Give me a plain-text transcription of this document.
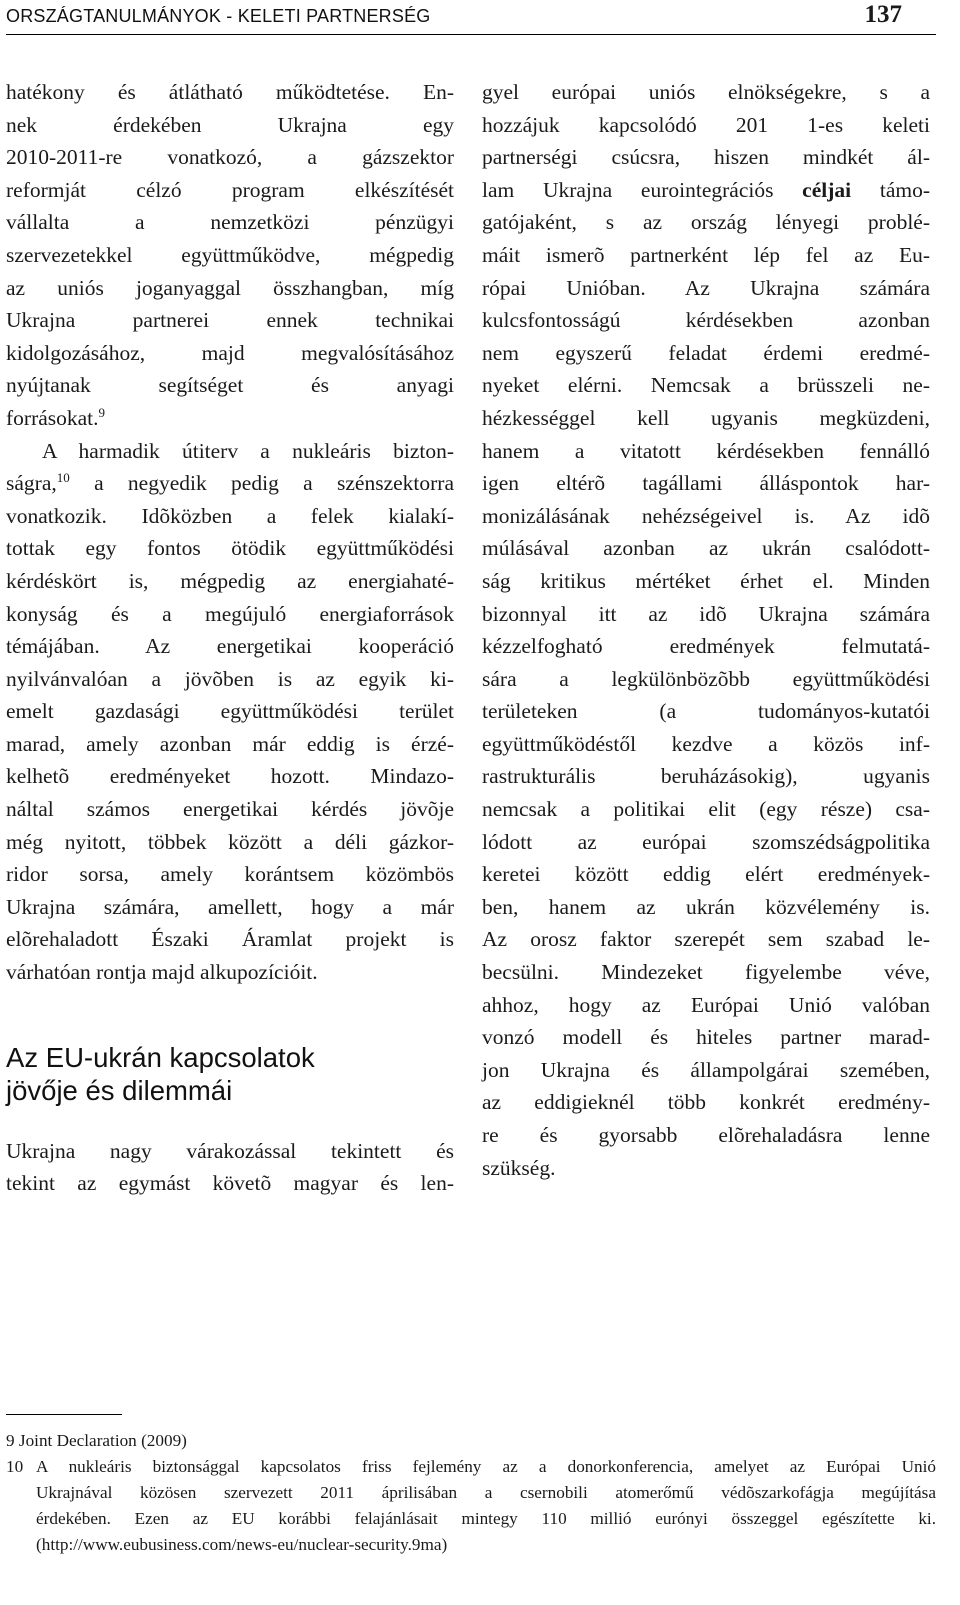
ORSZÁGTANULMÁNYOK - KELETI PARTNERSÉG	137

hatékony és átlátható működtetése. En-
nek érdekében Ukrajna egy
2010-2011-re vonatkozó, a gázszektor
reformját célzó program elkészítését
vállalta a nemzetközi pénzügyi
szervezetekkel együttműködve, mégpedig
az uniós joganyaggal összhangban, míg
Ukrajna partnerei ennek technikai
kidolgozásához, majd megvalósításához
nyújtanak segítséget és anyagi
forrásokat.$^9$

A harmadik útiterv a nukleáris bizton-
ságra,$^{10}$ a negyedik pedig a szénszektorra
vonatkozik. Idõközben a felek kialakí-
tottak egy fontos ötödik együttműködési
kérdéskört is, mégpedig az energiahaté-
konyság és a megújuló energiaforrások
témájában. Az energetikai kooperáció
nyilvánvalóan a jövõben is az egyik ki-
emelt gazdasági együttműködési terület
marad, amely azonban már eddig is érzé-
kelhetõ eredményeket hozott. Mindazo-
náltal számos energetikai kérdés jövõje
még nyitott, többek között a déli gázkor-
ridor sorsa, amely korántsem közömbös
Ukrajna számára, amellett, hogy a már
elõrehaladott Északi Áramlat projekt is
várhatóan rontja majd alkupozícióit.

Az EU-ukrán kapcsolatok
jövője és dilemmái

Ukrajna nagy várakozással tekintett és
tekint az egymást követõ magyar és len-

gyel európai uniós elnökségekre, s a
hozzájuk kapcsolódó 201 1-es keleti
partnerségi csúcsra, hiszen mindkét ál-
lam Ukrajna eurointegrációs céljai támo-
gatójaként, s az ország lényegi problé-
máit ismerõ partnerként lép fel az Eu-
rópai Unióban. Az Ukrajna számára
kulcsfontosságú kérdésekben azonban
nem egyszerű feladat érdemi eredmé-
nyeket elérni. Nemcsak a brüsszeli ne-
hézkességgel kell ugyanis megküzdeni,
hanem a vitatott kérdésekben fennálló
igen eltérõ tagállami álláspontok har-
monizálásának nehézségeivel is. Az idõ
múlásával azonban az ukrán csalódott-
ság kritikus mértéket érhet el. Minden
bizonnyal itt az idõ Ukrajna számára
kézzelfogható eredmények felmutatá-
sára a legkülönbözõbb együttműködési
területeken (a tudományos-kutatói
együttműködéstől kezdve a közös inf-
rastrukturális beruházásokig), ugyanis
nemcsak a politikai elit (egy része) csa-
lódott az európai szomszédságpolitika
keretei között eddig elért eredmények-
ben, hanem az ukrán közvélemény is.
Az orosz faktor szerepét sem szabad le-
becsülni. Mindezeket figyelembe véve,
ahhoz, hogy az Európai Unió valóban
vonzó modell és hiteles partner marad-
jon Ukrajna és állampolgárai szemében,
az eddigieknél több konkrét eredmény-
re és gyorsabb elõrehaladásra lenne
szükség.

9 Joint Declaration (2009)
10 A nukleáris biztonsággal kapcsolatos friss fejlemény az a donorkonferencia, amelyet az Európai Unió
Ukrajnával közösen szervezett 2011 áprilisában a csernobili atomerőmű védõszarkofágja megújítása
érdekében. Ezen az EU korábbi felajánlásait mintegy 110 millió eurónyi összeggel egészítette ki.
(http://www.eubusiness.com/news-eu/nuclear-security.9ma)
